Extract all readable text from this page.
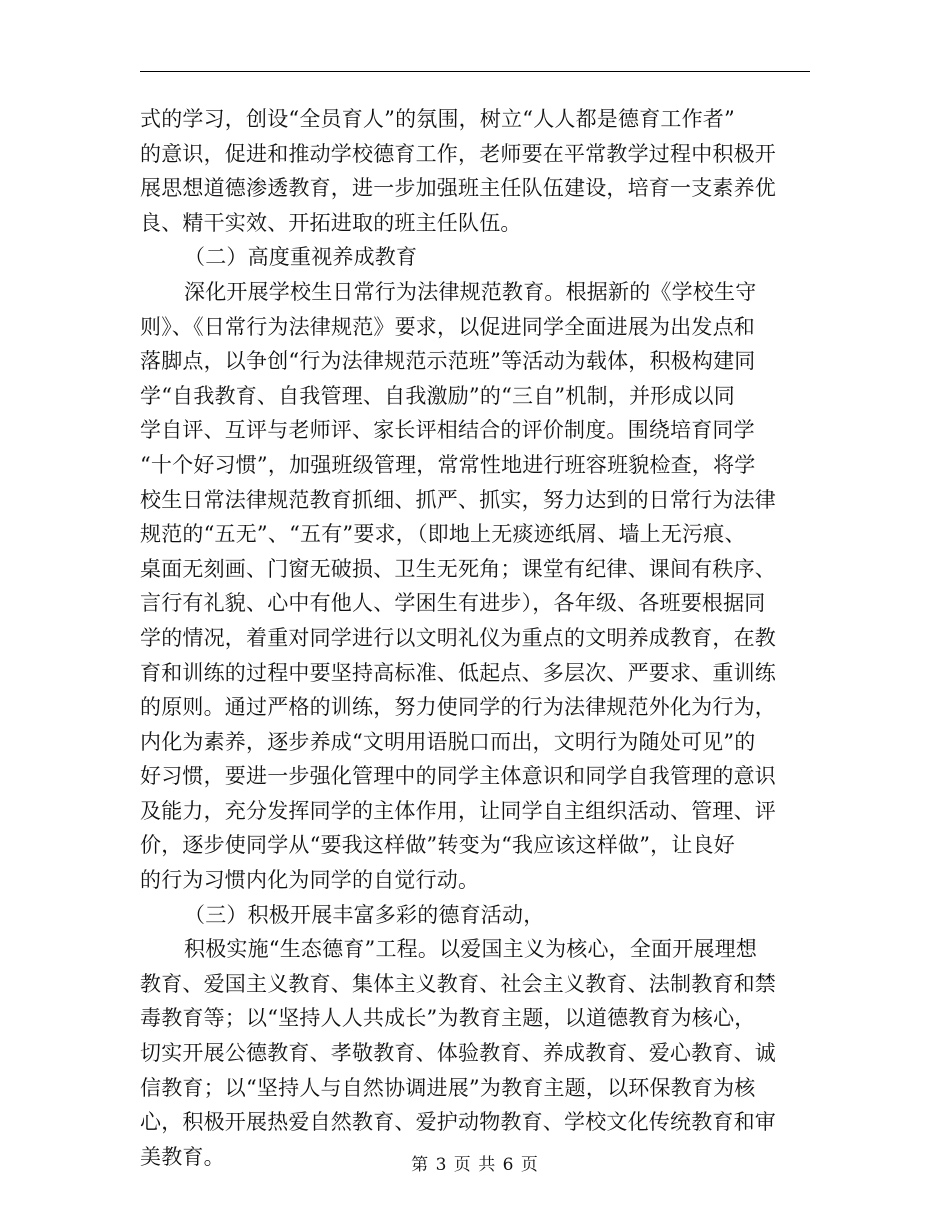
式的学习，创设“全员育人”的氛围，树立“人人都是德育工作者”
的意识，促进和推动学校德育工作，老师要在平常教学过程中积极开
展思想道德渗透教育，进一步加强班主任队伍建设，培育一支素养优
良、精干实效、开拓进取的班主任队伍。
（二）高度重视养成教育
深化开展学校生日常行为法律规范教育。根据新的《学校生守
则》、《日常行为法律规范》要求，以促进同学全面进展为出发点和
落脚点，以争创“行为法律规范示范班”等活动为载体，积极构建同
学“自我教育、自我管理、自我激励”的“三自”机制，并形成以同
学自评、互评与老师评、家长评相结合的评价制度。围绕培育同学
“十个好习惯”，加强班级管理，常常性地进行班容班貌检查，将学
校生日常法律规范教育抓细、抓严、抓实，努力达到的日常行为法律
规范的“五无”、“五有”要求，（即地上无痰迹纸屑、墙上无污痕、
桌面无刻画、门窗无破损、卫生无死角；课堂有纪律、课间有秩序、
言行有礼貌、心中有他人、学困生有进步），各年级、各班要根据同
学的情况，着重对同学进行以文明礼仪为重点的文明养成教育，在教
育和训练的过程中要坚持高标准、低起点、多层次、严要求、重训练
的原则。通过严格的训练，努力使同学的行为法律规范外化为行为，
内化为素养，逐步养成“文明用语脱口而出，文明行为随处可见”的
好习惯，要进一步强化管理中的同学主体意识和同学自我管理的意识
及能力，充分发挥同学的主体作用，让同学自主组织活动、管理、评
价，逐步使同学从“要我这样做”转变为“我应该这样做”，让良好
的行为习惯内化为同学的自觉行动。
（三）积极开展丰富多彩的德育活动，
积极实施“生态德育”工程。以爱国主义为核心，全面开展理想
教育、爱国主义教育、集体主义教育、社会主义教育、法制教育和禁
毒教育等；以“坚持人人共成长”为教育主题，以道德教育为核心，
切实开展公德教育、孝敬教育、体验教育、养成教育、爱心教育、诚
信教育；以“坚持人与自然协调进展”为教育主题，以环保教育为核
心，积极开展热爱自然教育、爱护动物教育、学校文化传统教育和审
美教育。	第 3 页 共 6 页
